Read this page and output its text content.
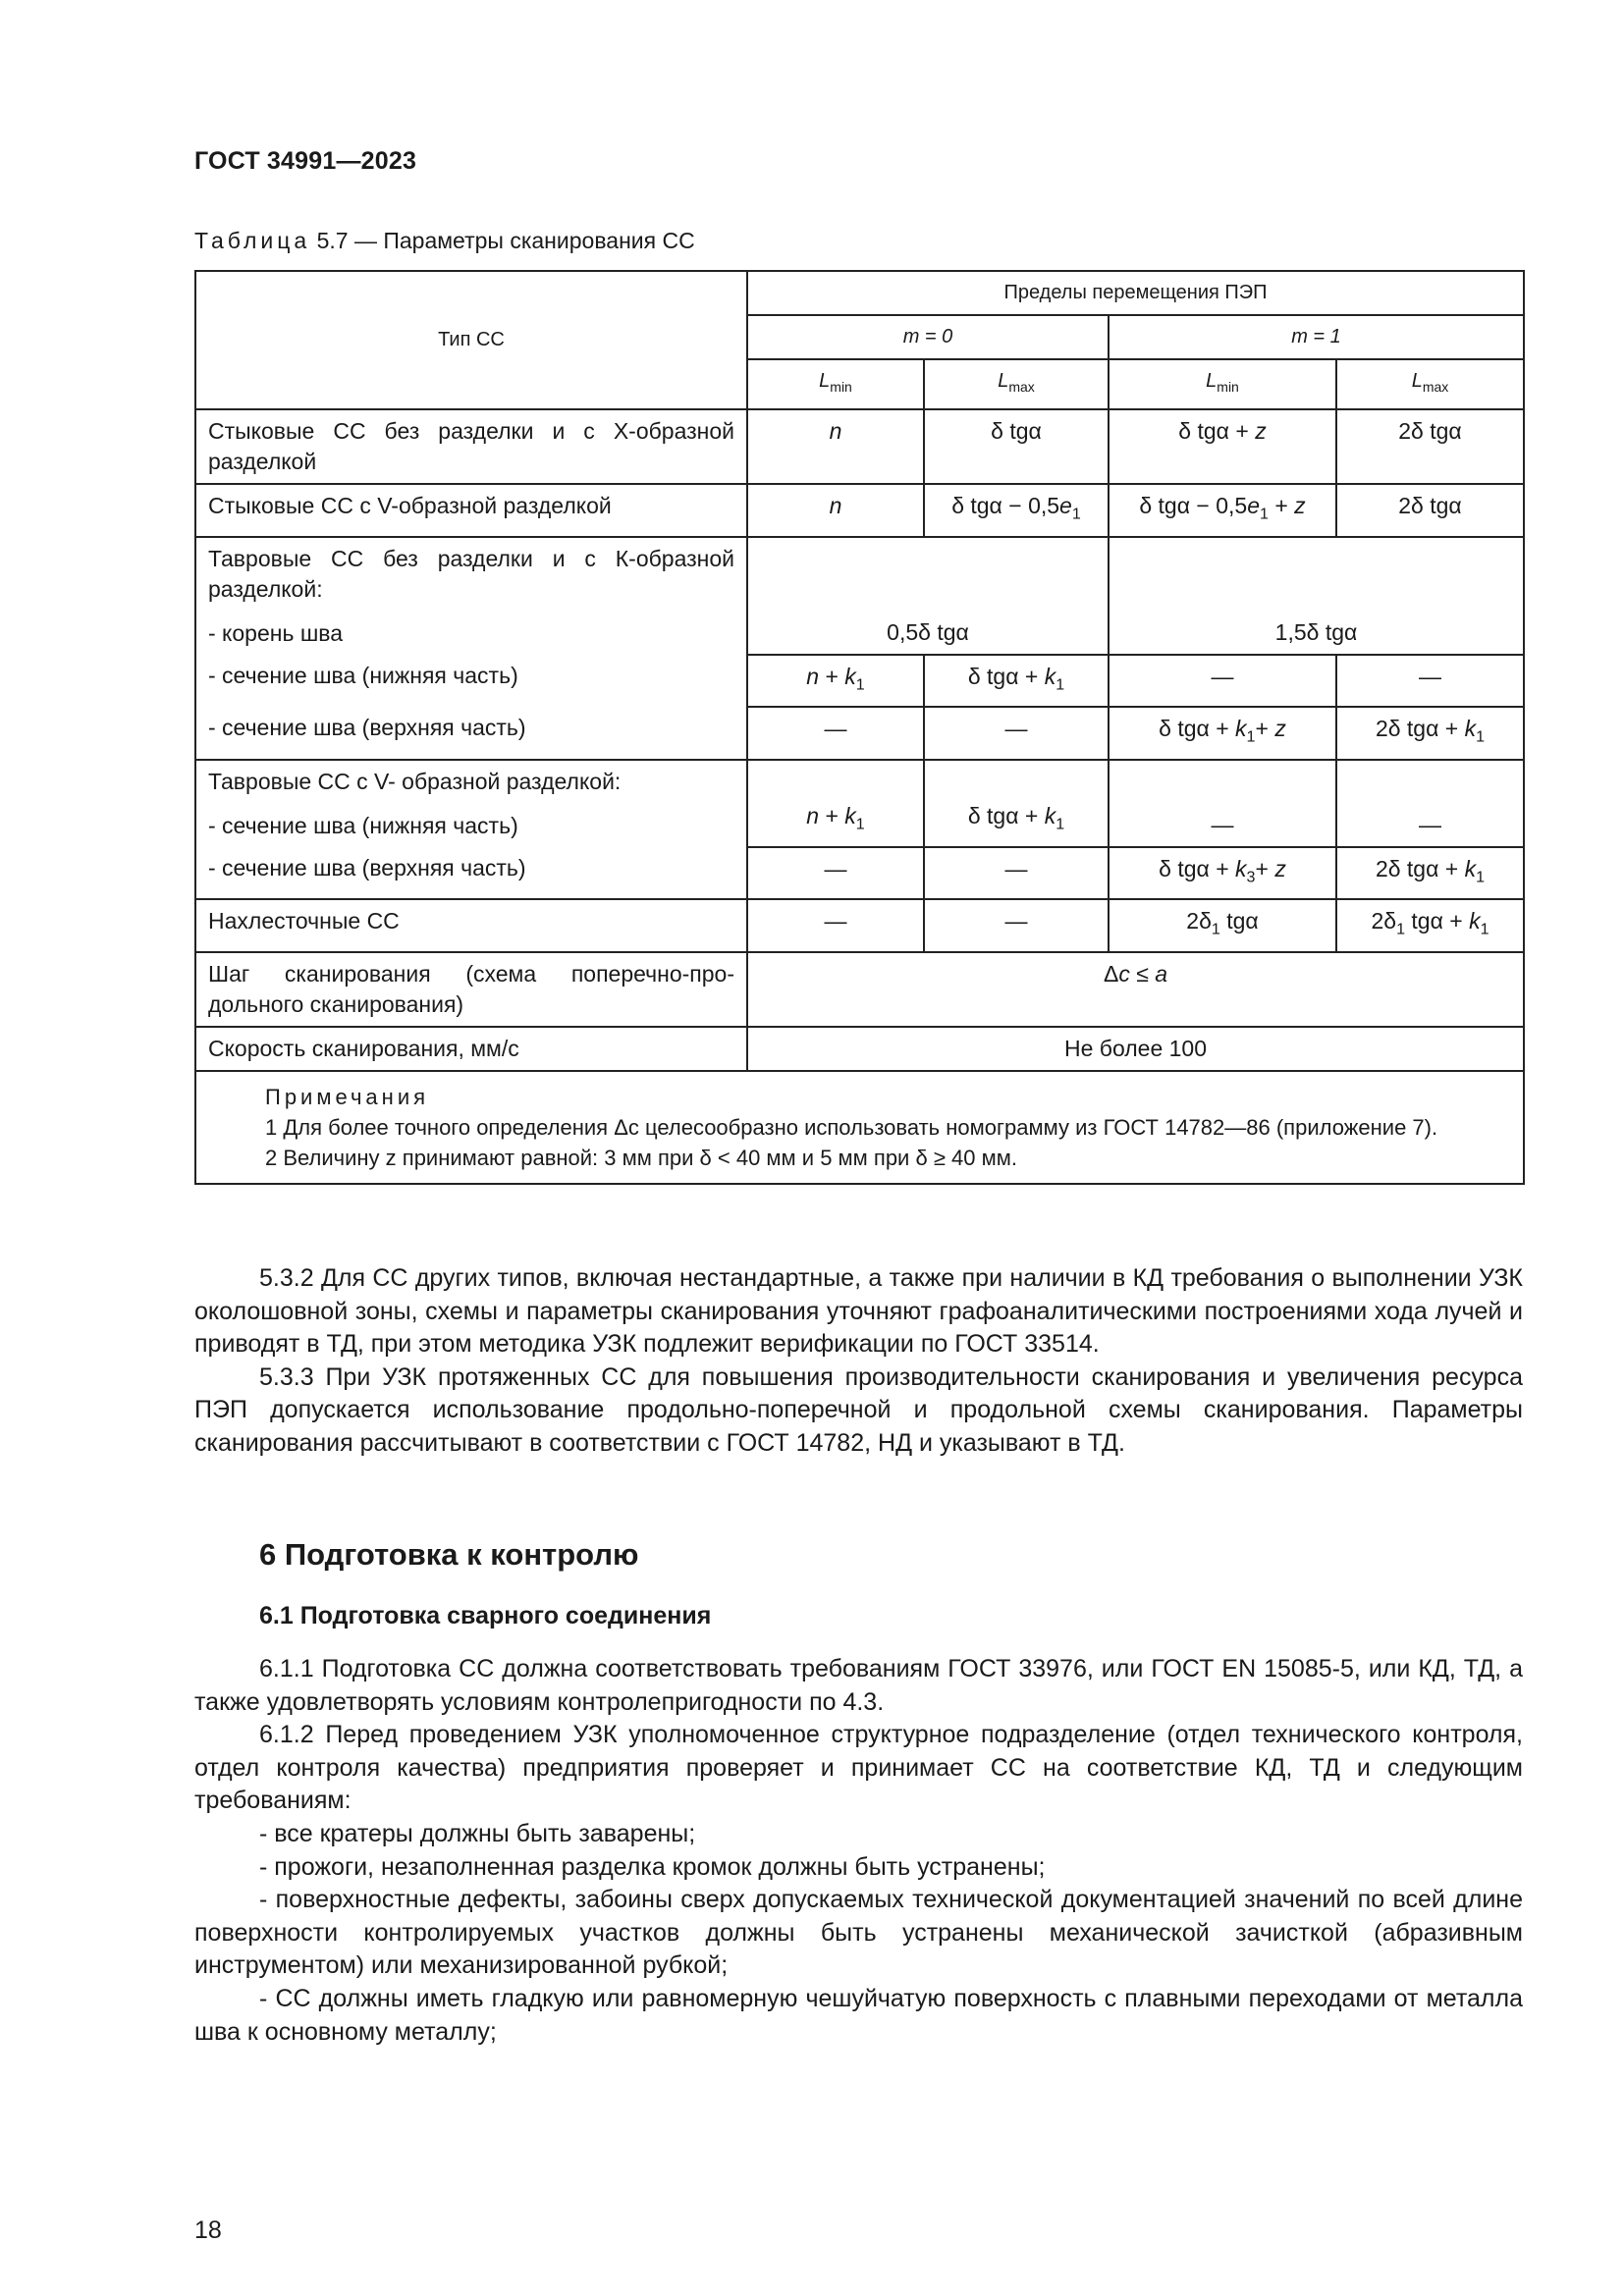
ГОСТ 34991—2023
Таблица 5.7 — Параметры сканирования СС
Тип СС	Пределы перемещения ПЭП			
	m = 0		m = 1	
	$L_{min}$	$L_{max}$	$L_{min}$	$L_{max}$
Стыковые СС без разделки и с Х-образной разделкой	n	δ tgα	δ tgα + z	2δ tgα
Стыковые СС с V-образной разделкой	n	δ $tg\alpha - 0,5e_1$	δ $tg\alpha - 0,5e_1 + z$	2δ tgα

Тавровые СС без разделки и с К-образной разделкой:
- корень шва	0,5δ tgα		1,5δ tgα	
- сечение шва (нижняя часть)	$n + k_1$	δ $tg\alpha + k_1$	—	—
- сечение шва (верхняя часть)	—	—	δ $tg\alpha + k_1+ z$	2δ $tg\alpha + k_1$

Тавровые СС с V- образной разделкой:
- сечение шва (нижняя часть)	$n + k_1$	δ $tg\alpha + k_1$	—	—
- сечение шва (верхняя часть)	—	—	δ $tg\alpha + k_3+ z$	2δ $tg\alpha + k_1$
Нахлесточные СС	—	—	$2\delta_1$ tgα	$2\delta_1$ $tg\alpha + k_1$
Шаг сканирования (схема поперечно-продольного сканирования)	Δc ≤ a			
Скорость сканирования, мм/с	Не более 100			

Примечания
1 Для более точного определения Δc целесообразно использовать номограмму из ГОСТ 14782—86 (приложение 7).
2 Величину z принимают равной: 3 мм при δ < 40 мм и 5 мм при δ ≥ 40 мм.				

5.3.2 Для СС других типов, включая нестандартные, а также при наличии в КД требования о выполнении УЗК околошовной зоны, схемы и параметры сканирования уточняют графоаналитическими построениями хода лучей и приводят в ТД, при этом методика УЗК подлежит верификации по ГОСТ 33514.

5.3.3 При УЗК протяженных СС для повышения производительности сканирования и увеличения ресурса ПЭП допускается использование продольно-поперечной и продольной схемы сканирования. Параметры сканирования рассчитывают в соответствии с ГОСТ 14782, НД и указывают в ТД.

6 Подготовка к контролю
6.1 Подготовка сварного соединения

6.1.1 Подготовка СС должна соответствовать требованиям ГОСТ 33976, или ГОСТ EN 15085-5, или КД, ТД, а также удовлетворять условиям контролепригодности по 4.3.

6.1.2 Перед проведением УЗК уполномоченное структурное подразделение (отдел технического контроля, отдел контроля качества) предприятия проверяет и принимает СС на соответствие КД, ТД и следующим требованиям:

- все кратеры должны быть заварены;

- прожоги, незаполненная разделка кромок должны быть устранены;

- поверхностные дефекты, забоины сверх допускаемых технической документацией значений по всей длине поверхности контролируемых участков должны быть устранены механической зачисткой (абразивным инструментом) или механизированной рубкой;

- СС должны иметь гладкую или равномерную чешуйчатую поверхность с плавными переходами от металла шва к основному металлу;

18
